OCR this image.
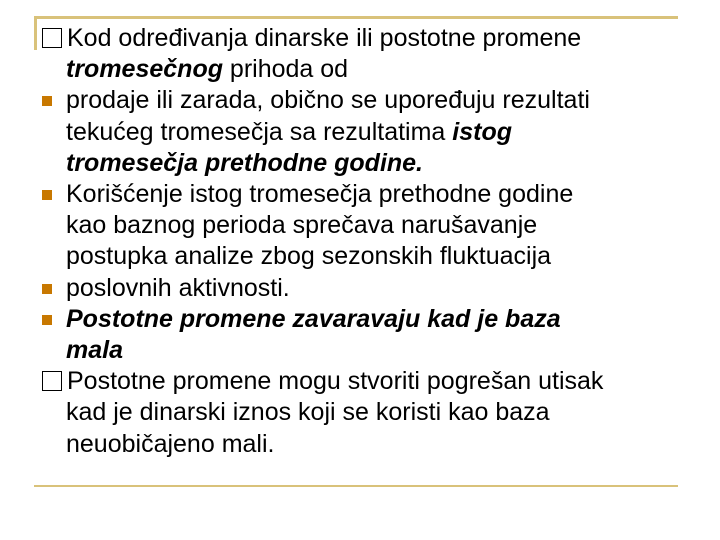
Kod određivanja dinarske ili postotne promene
tromesečnog prihoda od
prodaje ili zarada, obično se upoređuju rezultati
tekućeg tromesečja sa rezultatima istog
tromesečja prethodne godine.
Korišćenje istog tromesečja prethodne godine
kao baznog perioda sprečava narušavanje
postupka analize zbog sezonskih fluktuacija
poslovnih aktivnosti.
Postotne promene zavaravaju kad je baza
mala
Postotne promene mogu stvoriti pogrešan utisak
kad je dinarski iznos koji se koristi kao baza
neuobičajeno mali.
